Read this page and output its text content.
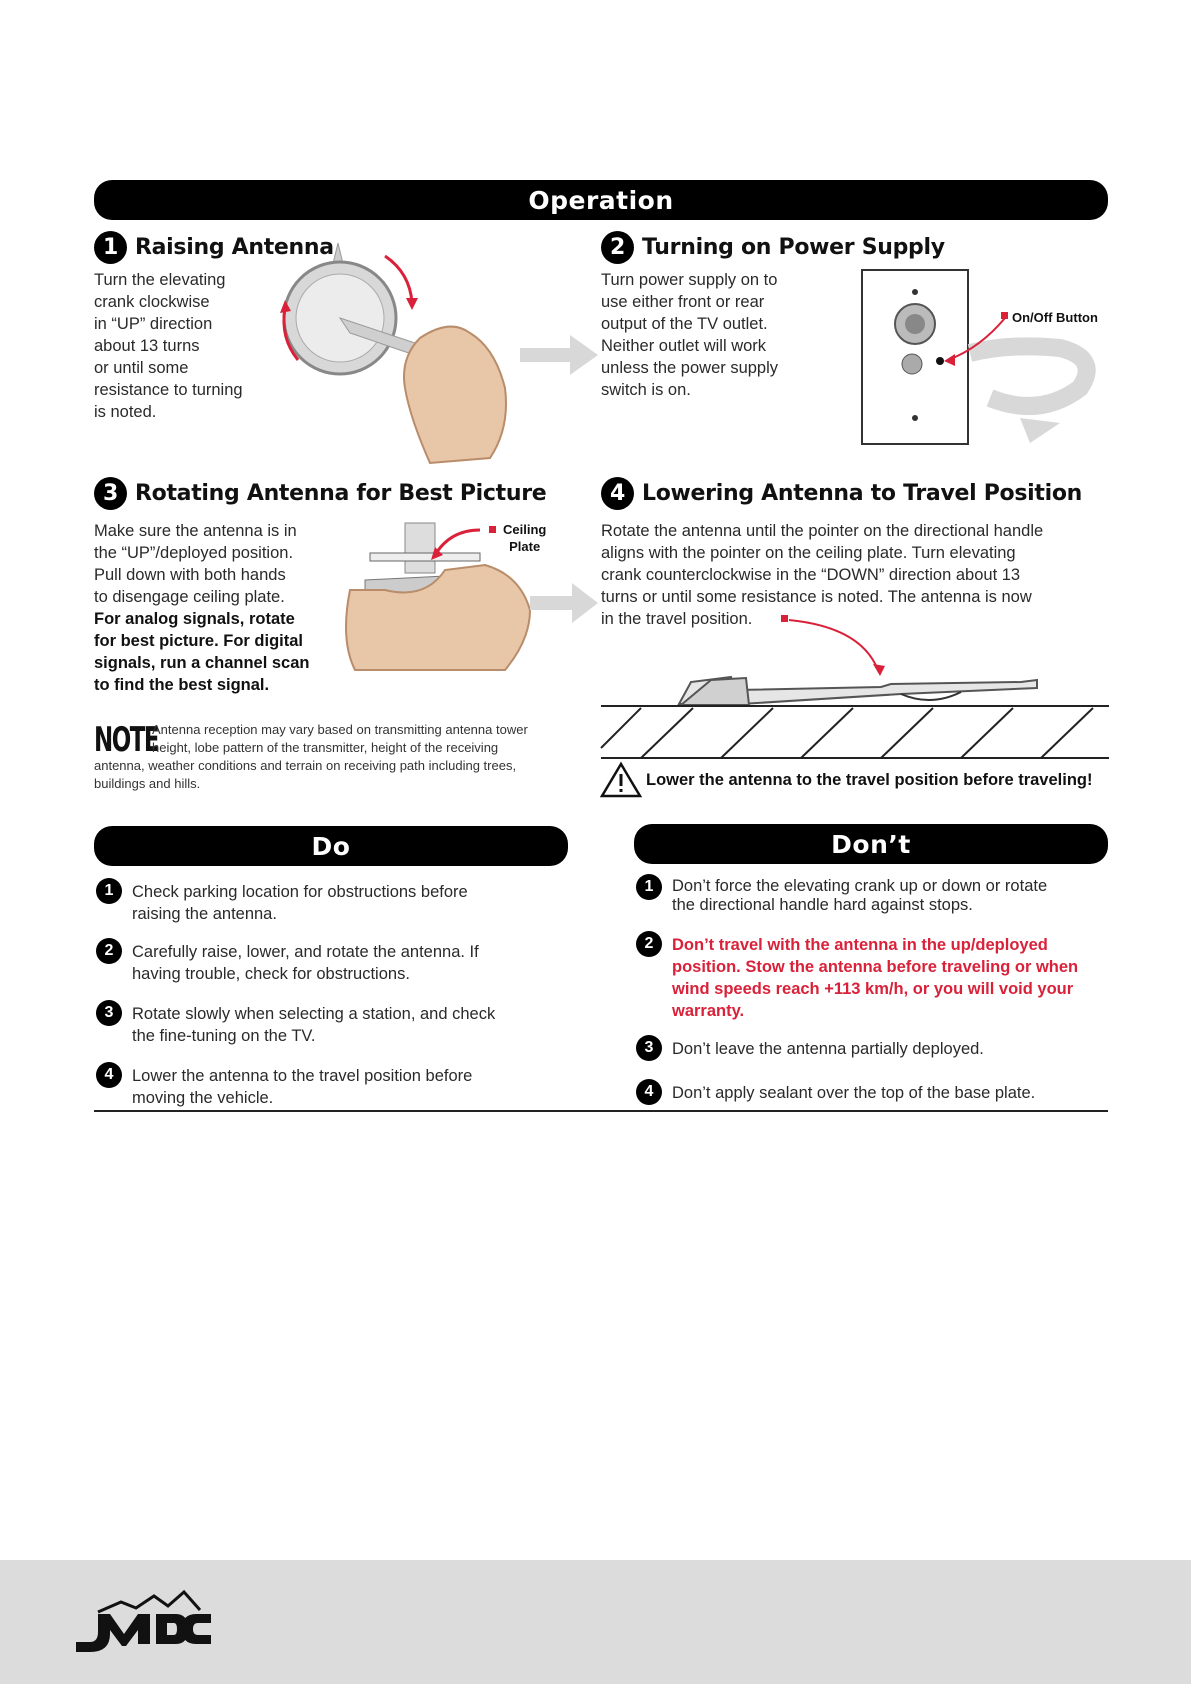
Operation
1 Raising Antenna
Turn the elevating
crank clockwise
in “UP” direction
about 13 turns
or until some
resistance to turning
is noted.
2 Turning on Power Supply
Turn power supply on to
use either front or rear
output of the TV outlet.
Neither outlet will work
unless the power supply
switch is on.
On/Off Button
3 Rotating Antenna for Best Picture
Make sure the antenna is in
the “UP”/deployed position.
Pull down with both hands
to disengage ceiling plate.
For analog signals, rotate
for best picture. For digital
signals, run a channel scan
to find the best signal.
Ceiling
Plate
NOTE
Antenna reception may vary based on transmitting antenna tower
height, lobe pattern of the transmitter, height of the receiving
antenna, weather conditions and terrain on receiving path including trees,
buildings and hills.
4 Lowering Antenna to Travel Position
Rotate the antenna until the pointer on the directional handle
aligns with the pointer on the ceiling plate. Turn elevating
crank counterclockwise in the “DOWN” direction about 13
turns or until some resistance is noted. The antenna is now
in the travel position.
Lower the antenna to the travel position before traveling!
Do
1	Check parking location for obstructions before
raising the antenna.
2	Carefully raise, lower, and rotate the antenna. If
having trouble, check for obstructions.
3	Rotate slowly when selecting a station, and check
the fine-tuning on the TV.
4	Lower the antenna to the travel position before
moving the vehicle.
Don’t
1	Don’t force the elevating crank up or down or rotate
the directional handle hard against stops.
2	Don’t travel with the antenna in the up/deployed
position. Stow the antenna before traveling or when
wind speeds reach +113 km/h, or you will void your
warranty.
3	Don’t leave the antenna partially deployed.
4	Don’t apply sealant over the top of the base plate.
